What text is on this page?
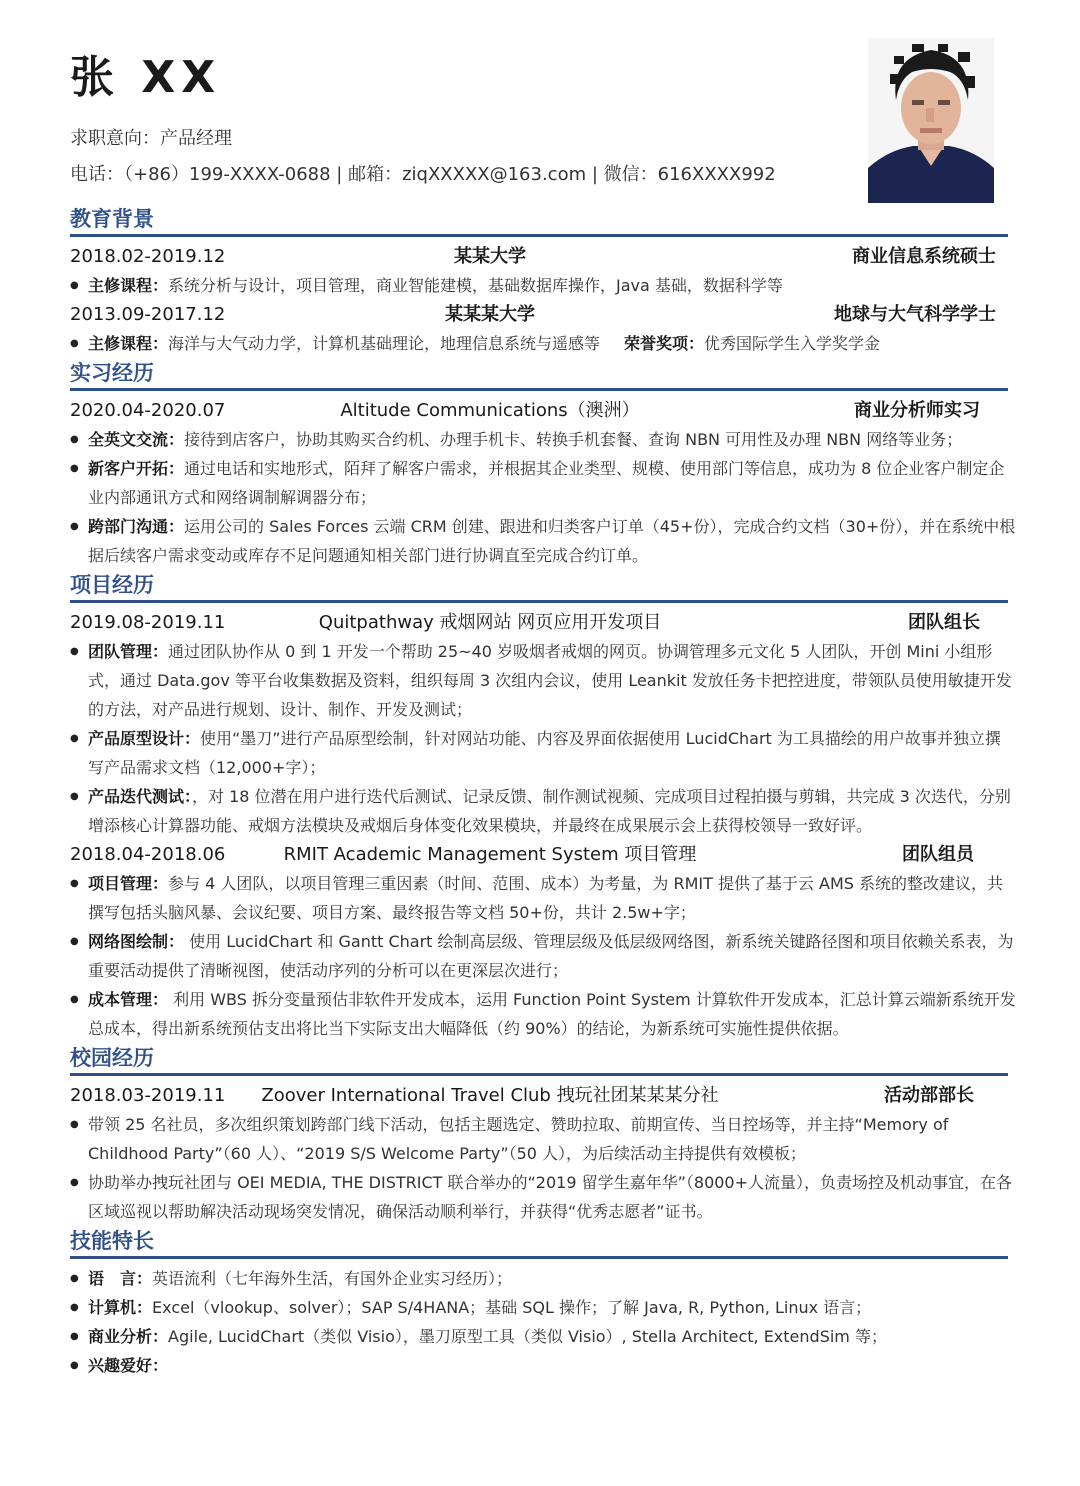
张 XX
求职意向：产品经理
电话：（+86）199-XXXX-0688 | 邮箱：ziqXXXXX@163.com | 微信：616XXXX992
教育背景
2018.02-2019.12	某某大学	商业信息系统硕士
● 主修课程：系统分析与设计，项目管理，商业智能建模，基础数据库操作，Java 基础，数据科学等
2013.09-2017.12	某某某大学	地球与大气科学学士
● 主修课程：海洋与大气动力学，计算机基础理论，地理信息系统与遥感等 荣誉奖项：优秀国际学生入学奖学金
实习经历
2020.04-2020.07	Altitude Communications（澳洲）	商业分析师实习
● 全英文交流：接待到店客户，协助其购买合约机、办理手机卡、转换手机套餐、查询 NBN 可用性及办理 NBN 网络等业务；
● 新客户开拓：通过电话和实地形式，陌拜了解客户需求，并根据其企业类型、规模、使用部门等信息，成功为 8 位企业客户制定企业内部通讯方式和网络调制解调器分布；
● 跨部门沟通：运用公司的 Sales Forces 云端 CRM 创建、跟进和归类客户订单（45+份），完成合约文档（30+份），并在系统中根据后续客户需求变动或库存不足问题通知相关部门进行协调直至完成合约订单。
项目经历
2019.08-2019.11	Quitpathway 戒烟网站 网页应用开发项目	团队组长
● 团队管理：通过团队协作从 0 到 1 开发一个帮助 25~40 岁吸烟者戒烟的网页。协调管理多元文化 5 人团队，开创 Mini 小组形式，通过 Data.gov 等平台收集数据及资料，组织每周 3 次组内会议，使用 Leankit 发放任务卡把控进度，带领队员使用敏捷开发的方法，对产品进行规划、设计、制作、开发及测试；
● 产品原型设计：使用“墨刀”进行产品原型绘制，针对网站功能、内容及界面依据使用 LucidChart 为工具描绘的用户故事并独立撰写产品需求文档（12,000+字）；
● 产品迭代测试：，对 18 位潜在用户进行迭代后测试、记录反馈、制作测试视频、完成项目过程拍摄与剪辑，共完成 3 次迭代，分别增添核心计算器功能、戒烟方法模块及戒烟后身体变化效果模块，并最终在成果展示会上获得校领导一致好评。
2018.04-2018.06	RMIT Academic Management System 项目管理	团队组员
● 项目管理：参与 4 人团队，以项目管理三重因素（时间、范围、成本）为考量，为 RMIT 提供了基于云 AMS 系统的整改建议，共撰写包括头脑风暴、会议纪要、项目方案、最终报告等文档 50+份，共计 2.5w+字；
● 网络图绘制： 使用 LucidChart 和 Gantt Chart 绘制高层级、管理层级及低层级网络图，新系统关键路径图和项目依赖关系表，为重要活动提供了清晰视图，使活动序列的分析可以在更深层次进行；
● 成本管理： 利用 WBS 拆分变量预估非软件开发成本，运用 Function Point System 计算软件开发成本，汇总计算云端新系统开发总成本，得出新系统预估支出将比当下实际支出大幅降低（约 90%）的结论，为新系统可实施性提供依据。
校园经历
2018.03-2019.11	Zoover International Travel Club 拽玩社团某某某分社	活动部部长
● 带领 25 名社员，多次组织策划跨部门线下活动，包括主题选定、赞助拉取、前期宣传、当日控场等，并主持“Memory of Childhood Party”（60 人）、“2019 S/S Welcome Party”（50 人），为后续活动主持提供有效模板；
● 协助举办拽玩社团与 OEI MEDIA, THE DISTRICT 联合举办的“2019 留学生嘉年华”（8000+人流量），负责场控及机动事宜，在各区域巡视以帮助解决活动现场突发情况，确保活动顺利举行，并获得“优秀志愿者”证书。
技能特长
● 语　言：英语流利（七年海外生活，有国外企业实习经历）；
● 计算机：Excel（vlookup、solver）；SAP S/4HANA；基础 SQL 操作；了解 Java, R, Python, Linux 语言；
● 商业分析：Agile, LucidChart（类似 Visio），墨刀原型工具（类似 Visio）, Stella Architect, ExtendSim 等；
● 兴趣爱好：
